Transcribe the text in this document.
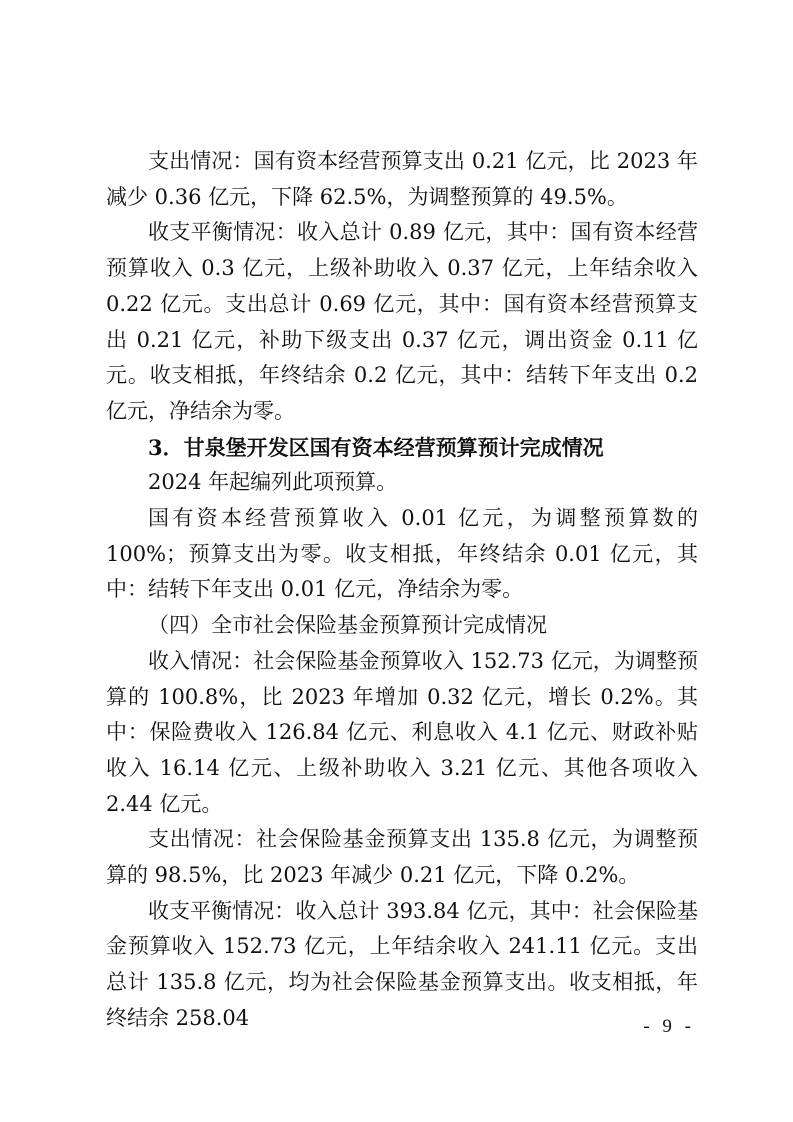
支出情况：国有资本经营预算支出 0.21 亿元，比 2023 年减少 0.36 亿元，下降 62.5%，为调整预算的 49.5%。

收支平衡情况：收入总计 0.89 亿元，其中：国有资本经营预算收入 0.3 亿元，上级补助收入 0.37 亿元，上年结余收入 0.22 亿元。支出总计 0.69 亿元，其中：国有资本经营预算支出 0.21 亿元，补助下级支出 0.37 亿元，调出资金 0.11 亿元。收支相抵，年终结余 0.2 亿元，其中：结转下年支出 0.2 亿元，净结余为零。

3．甘泉堡开发区国有资本经营预算预计完成情况

2024 年起编列此项预算。

国有资本经营预算收入 0.01 亿元，为调整预算数的 100%；预算支出为零。收支相抵，年终结余 0.01 亿元，其中：结转下年支出 0.01 亿元，净结余为零。

（四）全市社会保险基金预算预计完成情况

收入情况：社会保险基金预算收入 152.73 亿元，为调整预算的 100.8%，比 2023 年增加 0.32 亿元，增长 0.2%。其中：保险费收入 126.84 亿元、利息收入 4.1 亿元、财政补贴收入 16.14 亿元、上级补助收入 3.21 亿元、其他各项收入 2.44 亿元。

支出情况：社会保险基金预算支出 135.8 亿元，为调整预算的 98.5%，比 2023 年减少 0.21 亿元，下降 0.2%。

收支平衡情况：收入总计 393.84 亿元，其中：社会保险基金预算收入 152.73 亿元，上年结余收入 241.11 亿元。支出总计 135.8 亿元，均为社会保险基金预算支出。收支相抵，年终结余 258.04	- 9 -
